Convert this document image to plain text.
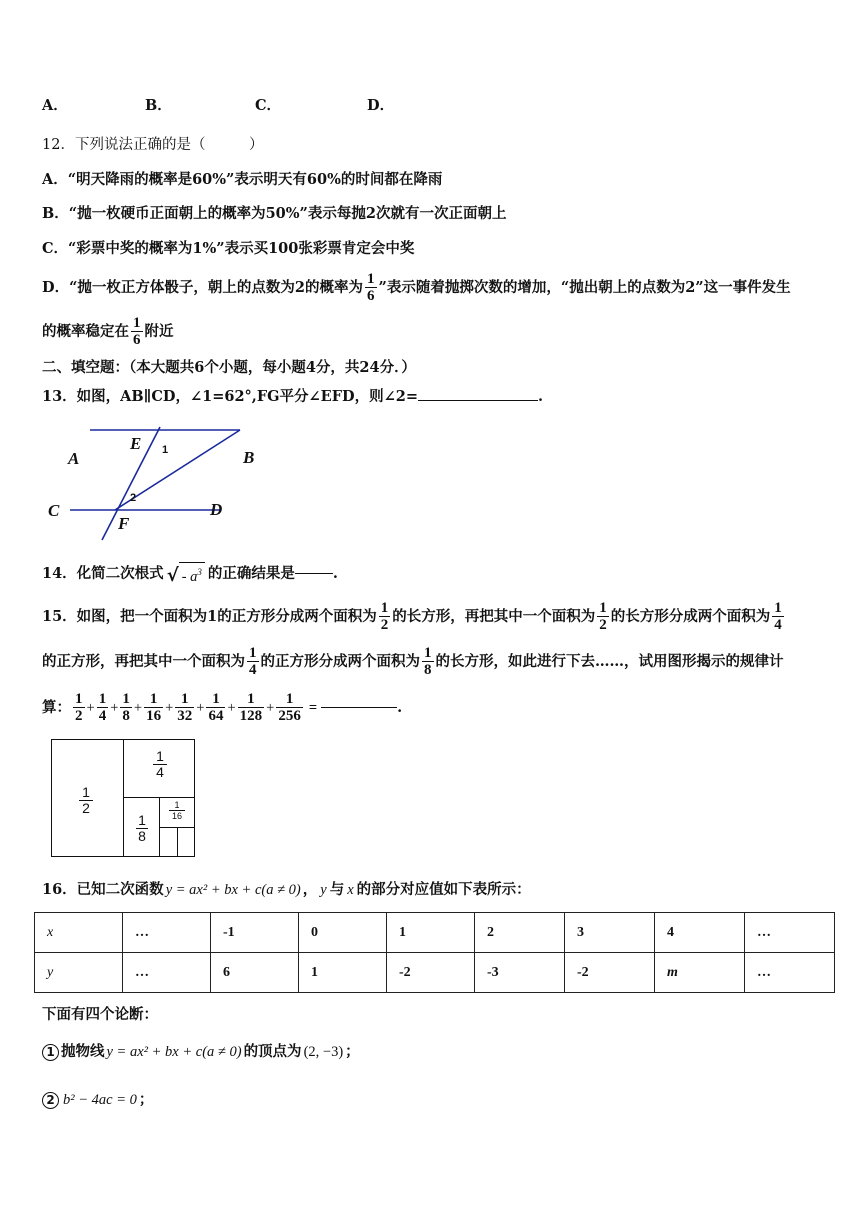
A．	B．	C．	D．
12．下列说法正确的是（　　　）
A．“明天降雨的概率是60%”表示明天有60%的时间都在降雨
B．“抛一枚硬币正面朝上的概率为50%”表示每抛2次就有一次正面朝上
C．“彩票中奖的概率为1%”表示买100张彩票肯定会中奖
D．“抛一枚正方体骰子，朝上的点数为2的概率为 $\frac{1}{6}$ ”表示随着抛掷次数的增加，“抛出朝上的点数为2”这一事件发生
的概率稳定在 $\frac{1}{6}$ 附近
二、填空题：（本大题共6个小题，每小题4分，共24分．）
13．如图，AB∥CD，∠1=62°,FG平分∠EFD，则∠2=	.
A	B
C	D
E
F
1
2
14．化简二次根式 √ - $a^3$ 的正确结果是	.
15．如图，把一个面积为1的正方形分成两个面积为 $\frac{1}{2}$ 的长方形，再把其中一个面积为 $\frac{1}{2}$ 的长方形分成两个面积为 $\frac{1}{4}$
的正方形，再把其中一个面积为 $\frac{1}{4}$ 的正方形分成两个面积为 $\frac{1}{8}$ 的长方形，如此进行下去……，试用图形揭示的规律计
算： $\frac{1}{2} + \frac{1}{4} + \frac{1}{8} + \frac{1}{16} + \frac{1}{32} + \frac{1}{64} + \frac{1}{128} + \frac{1}{256}$ =	.
$\frac{1}{2}$
$\frac{1}{4}$
$\frac{1}{8}$
$\frac{1}{16}$
16．已知二次函数 y = ax² + bx + c(a ≠ 0) ， y 与 x 的部分对应值如下表所示：
x	…	-1	0	1	2	3	4	…
y	…	6	1	-2	-3	-2	m	…
下面有四个论断：
1 抛物线 y = ax² + bx + c(a ≠ 0) 的顶点为 (2, −3) ；
2 b² − 4ac = 0 ；
